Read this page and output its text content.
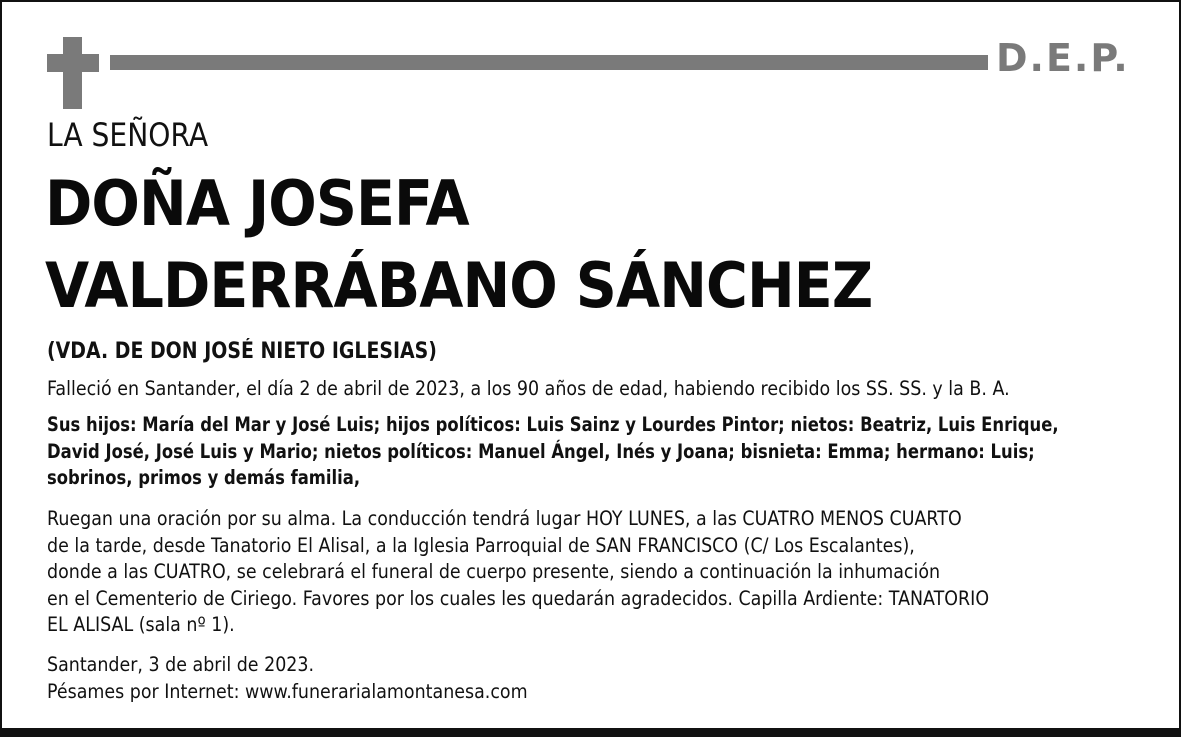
D.E.P.
LA SEÑORA
DOÑA JOSEFA
VALDERRÁBANO SÁNCHEZ
(VDA. DE DON JOSÉ NIETO IGLESIAS)
Falleció en Santander, el día 2 de abril de 2023, a los 90 años de edad, habiendo recibido los SS. SS. y la B. A.
Sus hijos: María del Mar y José Luis; hijos políticos: Luis Sainz y Lourdes Pintor; nietos: Beatriz, Luis Enrique,
David José, José Luis y Mario; nietos políticos: Manuel Ángel, Inés y Joana; bisnieta: Emma; hermano: Luis;
sobrinos, primos y demás familia,
Ruegan una oración por su alma. La conducción tendrá lugar HOY LUNES, a las CUATRO MENOS CUARTO
de la tarde, desde Tanatorio El Alisal, a la Iglesia Parroquial de SAN FRANCISCO (C/ Los Escalantes),
donde a las CUATRO, se celebrará el funeral de cuerpo presente, siendo a continuación la inhumación
en el Cementerio de Ciriego. Favores por los cuales les quedarán agradecidos. Capilla Ardiente: TANATORIO
EL ALISAL (sala nº 1).
Santander, 3 de abril de 2023.
Pésames por Internet: www.funerarialamontanesa.com
